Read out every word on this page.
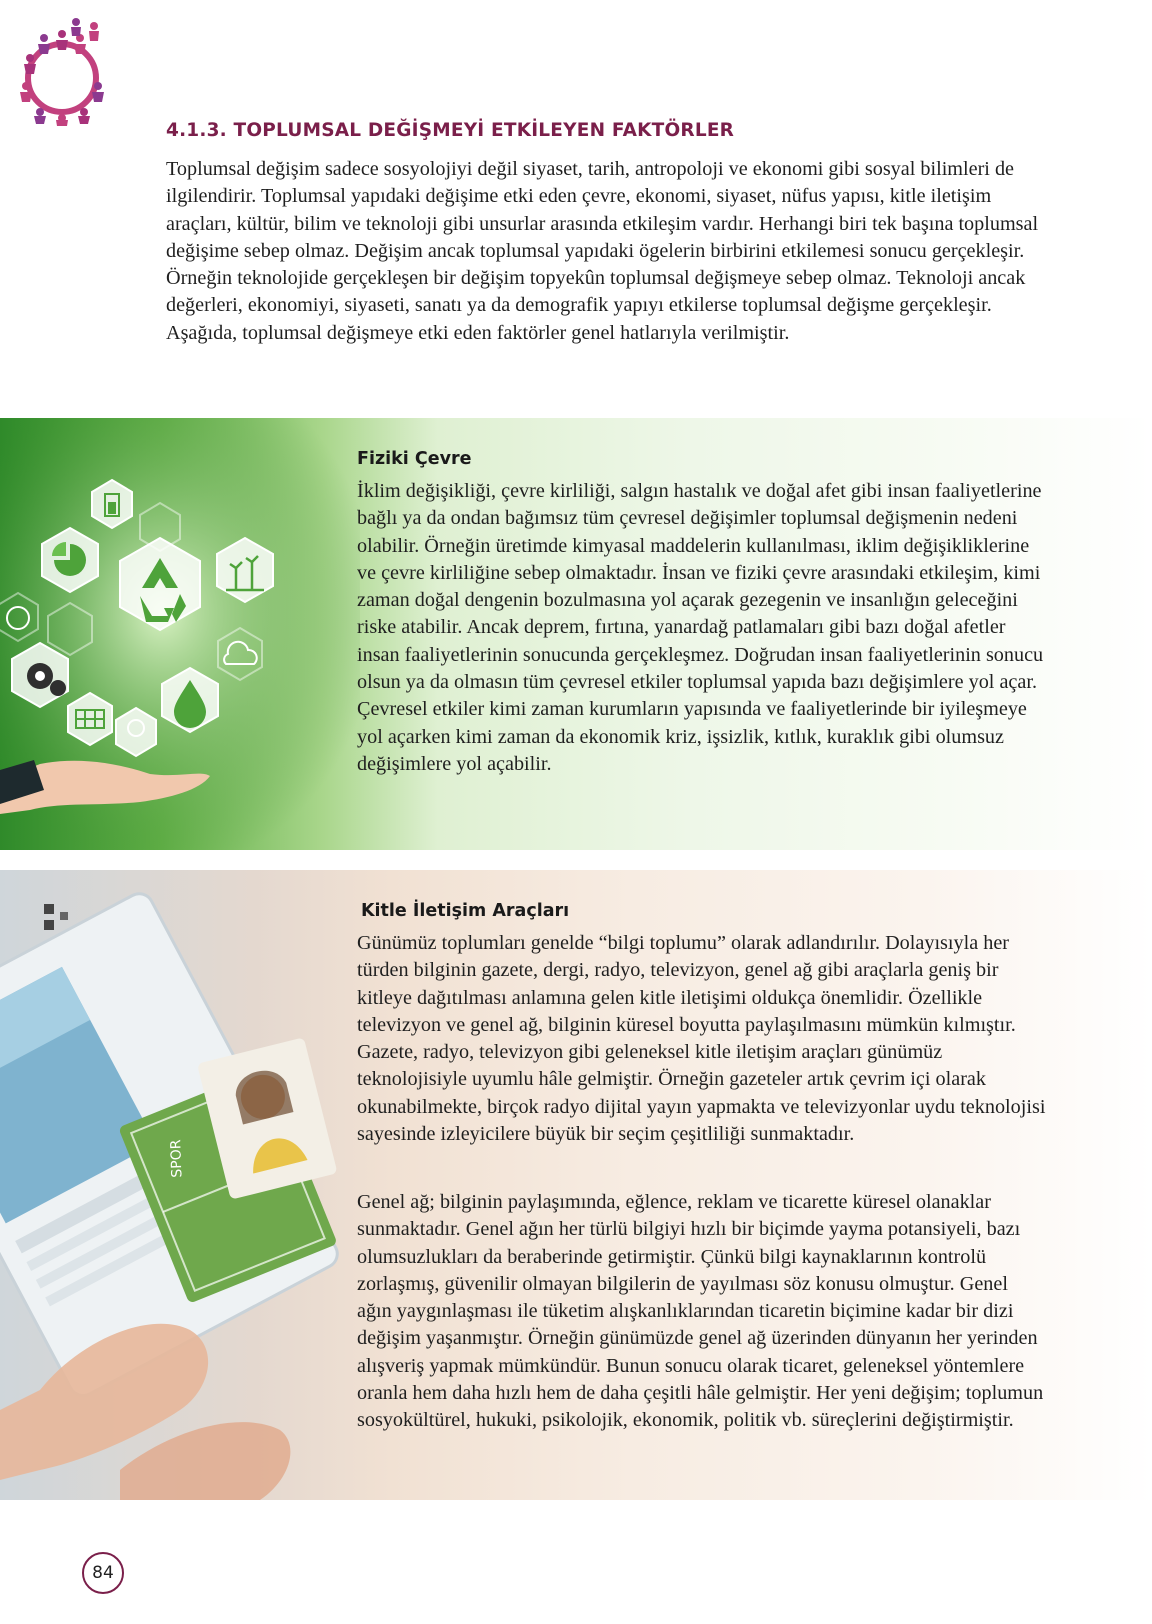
4.1.3. TOPLUMSAL DEĞİŞMEYİ ETKİLEYEN FAKTÖRLER

Toplumsal değişim sadece sosyolojiyi değil siyaset, tarih, antropoloji ve ekonomi gibi sosyal bilimleri de ilgilendirir. Toplumsal yapıdaki değişime etki eden çevre, ekonomi, siyaset, nüfus yapısı, kitle iletişim araçları, kültür, bilim ve teknoloji gibi unsurlar arasında etkileşim vardır. Herhangi biri tek başına toplumsal değişime sebep olmaz. Değişim ancak toplumsal yapıdaki ögelerin birbirini etkilemesi sonucu gerçekleşir. Örneğin teknolojide gerçekleşen bir değişim topyekûn toplumsal değişmeye sebep olmaz. Teknoloji ancak değerleri, ekonomiyi, siyaseti, sanatı ya da demografik yapıyı etkilerse toplumsal değişme gerçekleşir. Aşağıda, toplumsal değişmeye etki eden faktörler genel hatlarıyla verilmiştir.

Fiziki Çevre

İklim değişikliği, çevre kirliliği, salgın hastalık ve doğal afet gibi insan faaliyetlerine bağlı ya da ondan bağımsız tüm çevresel değişimler toplumsal değişmenin nedeni olabilir. Örneğin üretimde kimyasal maddelerin kullanılması, iklim değişikliklerine ve çevre kirliliğine sebep olmaktadır. İnsan ve fiziki çevre arasındaki etkileşim, kimi zaman doğal dengenin bozulmasına yol açarak gezegenin ve insanlığın geleceğini riske atabilir. Ancak deprem, fırtına, yanardağ patlamaları gibi bazı doğal afetler insan faaliyetlerinin sonucunda gerçekleşmez. Doğrudan insan faaliyetlerinin sonucu olsun ya da olmasın tüm çevresel etkiler toplumsal yapıda bazı değişimlere yol açar. Çevresel etkiler kimi zaman kurumların yapısında ve faaliyetlerinde bir iyileşmeye yol açarken kimi zaman da ekonomik kriz, işsizlik, kıtlık, kuraklık gibi olumsuz değişimlere yol açabilir.

SPOR
Kitle İletişim Araçları

Günümüz toplumları genelde “bilgi toplumu” olarak adlandırılır. Dolayısıyla her türden bilginin gazete, dergi, radyo, televizyon, genel ağ gibi araçlarla geniş bir kitleye dağıtılması anlamına gelen kitle iletişimi oldukça önemlidir. Özellikle televizyon ve genel ağ, bilginin küresel boyutta paylaşılmasını mümkün kılmıştır. Gazete, radyo, televizyon gibi geleneksel kitle iletişim araçları günümüz teknolojisiyle uyumlu hâle gelmiştir. Örneğin gazeteler artık çevrim içi olarak okunabilmekte, birçok radyo dijital yayın yapmakta ve televizyonlar uydu teknolojisi sayesinde izleyicilere büyük bir seçim çeşitliliği sunmaktadır.

Genel ağ; bilginin paylaşımında, eğlence, reklam ve ticarette küresel olanaklar sunmaktadır. Genel ağın her türlü bilgiyi hızlı bir biçimde yayma potansiyeli, bazı olumsuzlukları da beraberinde getirmiştir. Çünkü bilgi kaynaklarının kontrolü zorlaşmış, güvenilir olmayan bilgilerin de yayılması söz konusu olmuştur. Genel ağın yaygınlaşması ile tüketim alışkanlıklarından ticaretin biçimine kadar bir dizi değişim yaşanmıştır. Örneğin günümüzde genel ağ üzerinden dünyanın her yerinden alışveriş yapmak mümkündür. Bunun sonucu olarak ticaret, geleneksel yöntemlere oranla hem daha hızlı hem de daha çeşitli hâle gelmiştir. Her yeni değişim; toplumun sosyokültürel, hukuki, psikolojik, ekonomik, politik vb. süreçlerini değiştirmiştir.

84
